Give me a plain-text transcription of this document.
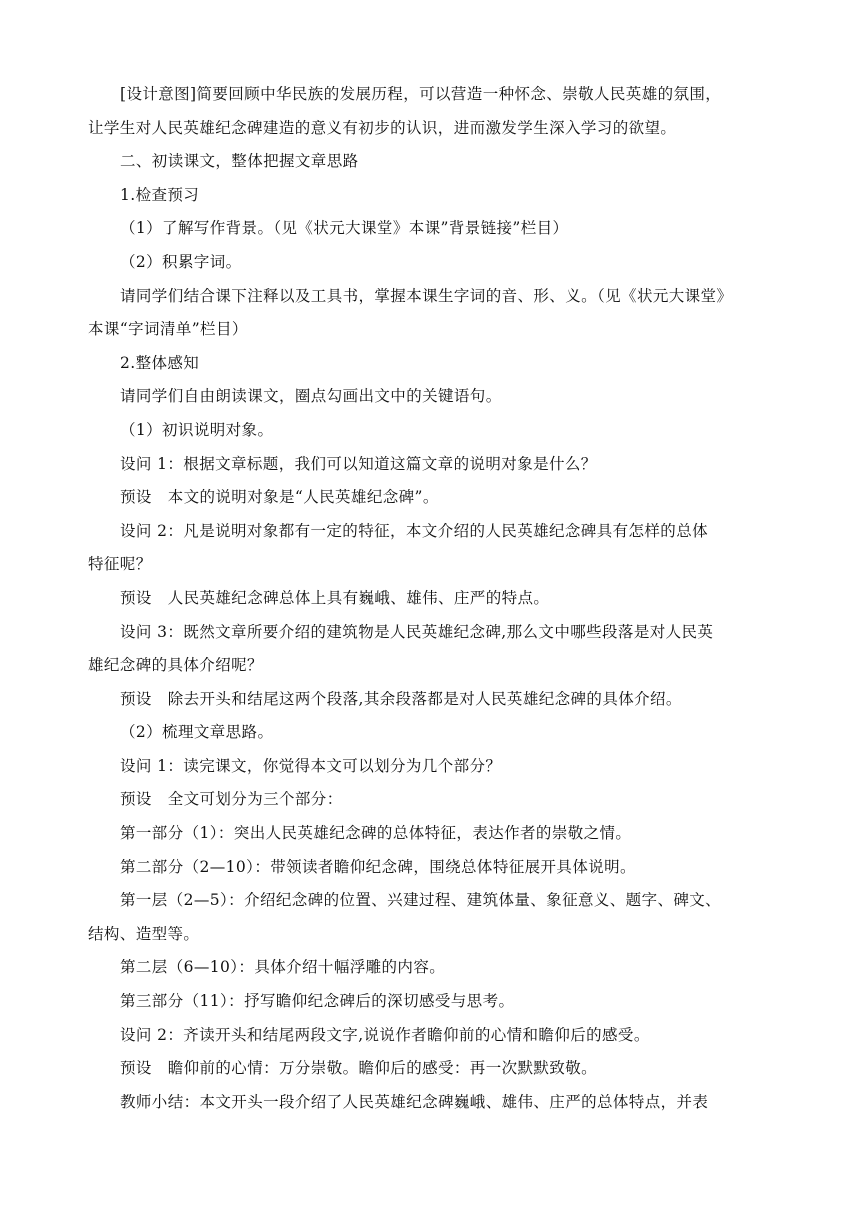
[设计意图]简要回顾中华民族的发展历程，可以营造一种怀念、崇敬人民英雄的氛围，
让学生对人民英雄纪念碑建造的意义有初步的认识，进而激发学生深入学习的欲望。
二、初读课文，整体把握文章思路
1.检查预习
（1）了解写作背景。（见《状元大课堂》本课”背景链接”栏目）
（2）积累字词。
请同学们结合课下注释以及工具书，掌握本课生字词的音、形、义。（见《状元大课堂》
本课“字词清单”栏目）
2.整体感知
请同学们自由朗读课文，圈点勾画出文中的关键语句。
（1）初识说明对象。
设问 1：根据文章标题，我们可以知道这篇文章的说明对象是什么？
预设　本文的说明对象是“人民英雄纪念碑”。
设问 2：凡是说明对象都有一定的特征，本文介绍的人民英雄纪念碑具有怎样的总体
特征呢？
预设　人民英雄纪念碑总体上具有巍峨、雄伟、庄严的特点。
设问 3：既然文章所要介绍的建筑物是人民英雄纪念碑,那么文中哪些段落是对人民英
雄纪念碑的具体介绍呢？
预设　除去开头和结尾这两个段落,其余段落都是对人民英雄纪念碑的具体介绍。
（2）梳理文章思路。
设问 1：读完课文，你觉得本文可以划分为几个部分？
预设　全文可划分为三个部分：
第一部分（1）：突出人民英雄纪念碑的总体特征，表达作者的崇敬之情。
第二部分（2—10）：带领读者瞻仰纪念碑，围绕总体特征展开具体说明。
第一层（2—5）：介绍纪念碑的位置、兴建过程、建筑体量、象征意义、题字、碑文、
结构、造型等。
第二层（6—10）：具体介绍十幅浮雕的内容。
第三部分（11）：抒写瞻仰纪念碑后的深切感受与思考。
设问 2：齐读开头和结尾两段文字,说说作者瞻仰前的心情和瞻仰后的感受。
预设　瞻仰前的心情：万分崇敬。瞻仰后的感受：再一次默默致敬。
教师小结：本文开头一段介绍了人民英雄纪念碑巍峨、雄伟、庄严的总体特点，并表
